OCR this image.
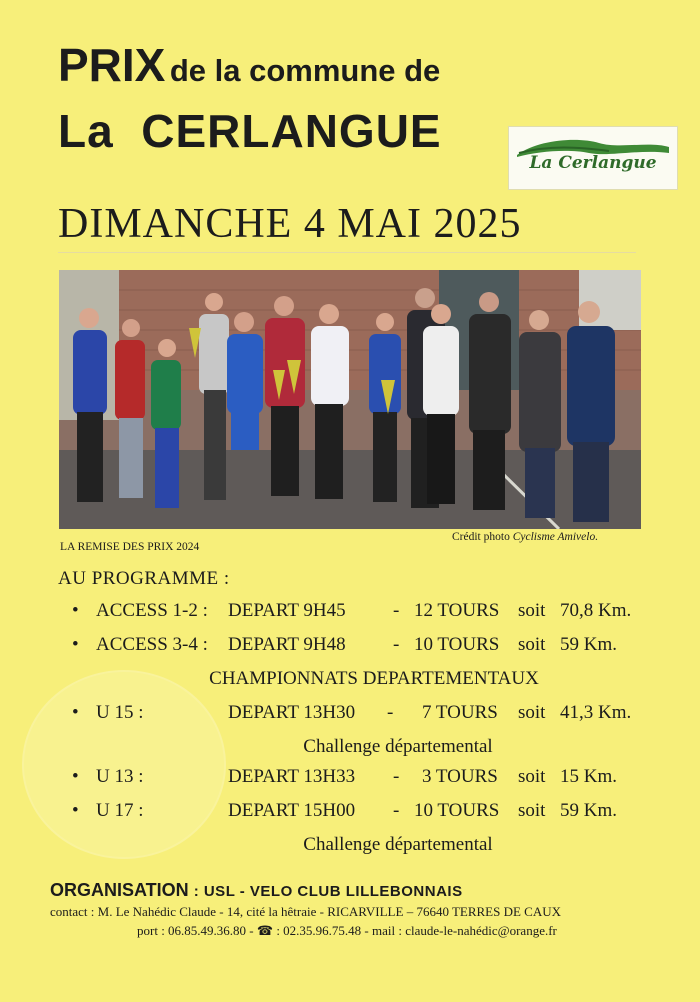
PRIX de la commune de
La CERLANGUE
La Cerlangue
DIMANCHE 4 MAI 2025
LA REMISE DES PRIX 2024
Crédit photo Cyclisme Amivelo.
AU PROGRAMME :
• ACCESS 1-2 : DEPART 9H45 - 12 TOURS soit 70,8 Km.
• ACCESS 3-4 : DEPART 9H48 - 10 TOURS soit 59 Km.
CHAMPIONNATS DEPARTEMENTAUX
• U 15 :	DEPART 13H30 - 7 TOURS soit 41,3 Km.
Challenge départemental
• U 13 :	DEPART 13H33 - 3 TOURS soit 15 Km.
• U 17 :	DEPART 15H00 - 10 TOURS soit 59 Km.
Challenge départemental
ORGANISATION : USL - VELO CLUB LILLEBONNAIS
contact : M. Le Nahédic Claude - 14, cité la hêtraie - RICARVILLE – 76640 TERRES DE CAUX
port : 06.85.49.36.80 - ☎ : 02.35.96.75.48 - mail : claude-le-nahédic@orange.fr
